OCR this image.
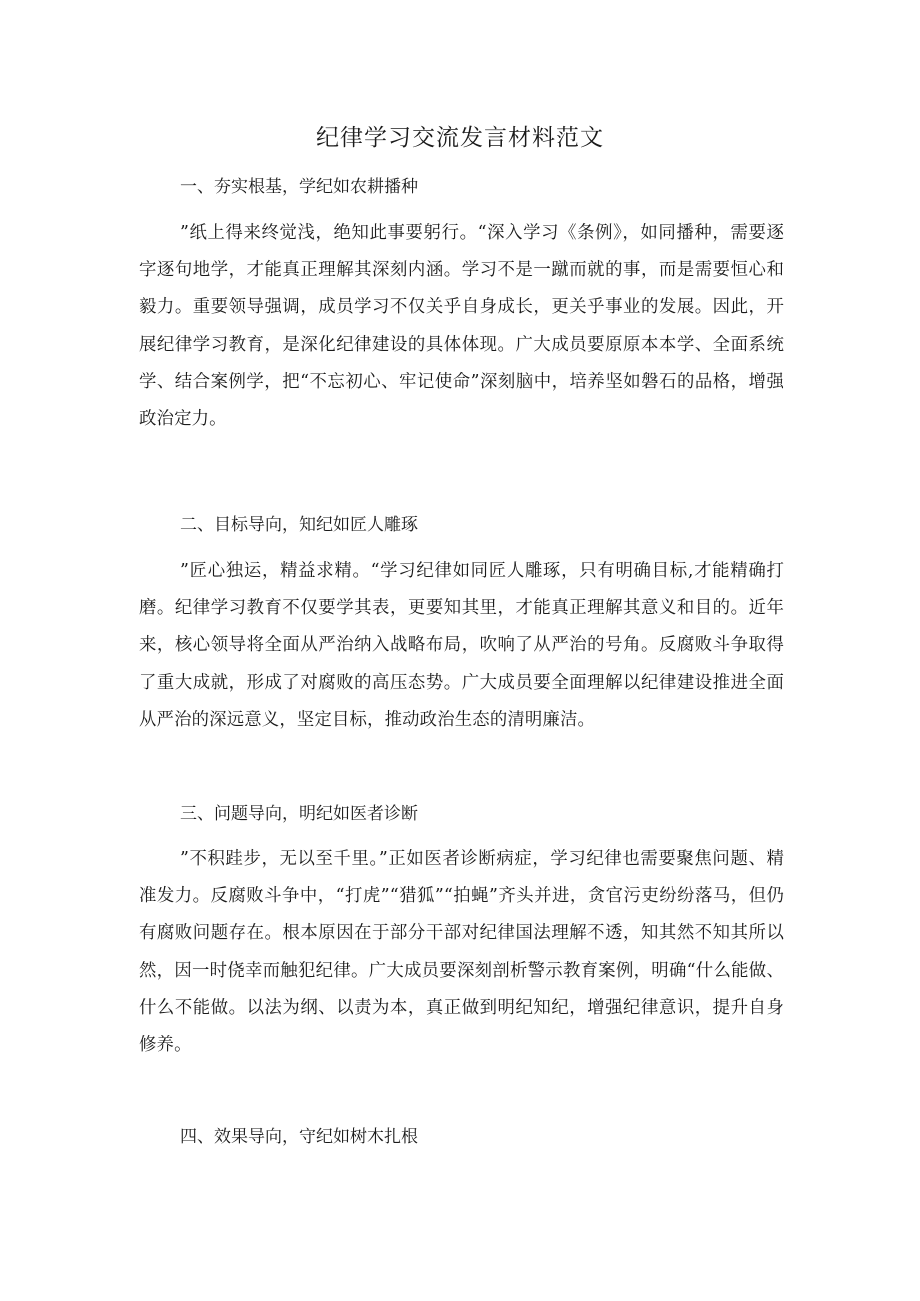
纪律学习交流发言材料范文

一、夯实根基，学纪如农耕播种

”纸上得来终觉浅，绝知此事要躬行。“深入学习《条例》，如同播种，需要逐字逐句地学，才能真正理解其深刻内涵。学习不是一蹴而就的事，而是需要恒心和毅力。重要领导强调，成员学习不仅关乎自身成长，更关乎事业的发展。因此，开展纪律学习教育，是深化纪律建设的具体体现。广大成员要原原本本学、全面系统学、结合案例学，把“不忘初心、牢记使命”深刻脑中，培养坚如磐石的品格，增强政治定力。

二、目标导向，知纪如匠人雕琢

”匠心独运，精益求精。“学习纪律如同匠人雕琢，只有明确目标,才能精确打磨。纪律学习教育不仅要学其表，更要知其里，才能真正理解其意义和目的。近年来，核心领导将全面从严治纳入战略布局，吹响了从严治的号角。反腐败斗争取得了重大成就，形成了对腐败的高压态势。广大成员要全面理解以纪律建设推进全面从严治的深远意义，坚定目标，推动政治生态的清明廉洁。

三、问题导向，明纪如医者诊断

”不积跬步，无以至千里。”正如医者诊断病症，学习纪律也需要聚焦问题、精准发力。反腐败斗争中，“打虎”“猎狐”“拍蝇”齐头并进，贪官污吏纷纷落马，但仍有腐败问题存在。根本原因在于部分干部对纪律国法理解不透，知其然不知其所以然，因一时侥幸而触犯纪律。广大成员要深刻剖析警示教育案例，明确“什么能做、什么不能做。以法为纲、以责为本，真正做到明纪知纪，增强纪律意识，提升自身修养。

四、效果导向，守纪如树木扎根
